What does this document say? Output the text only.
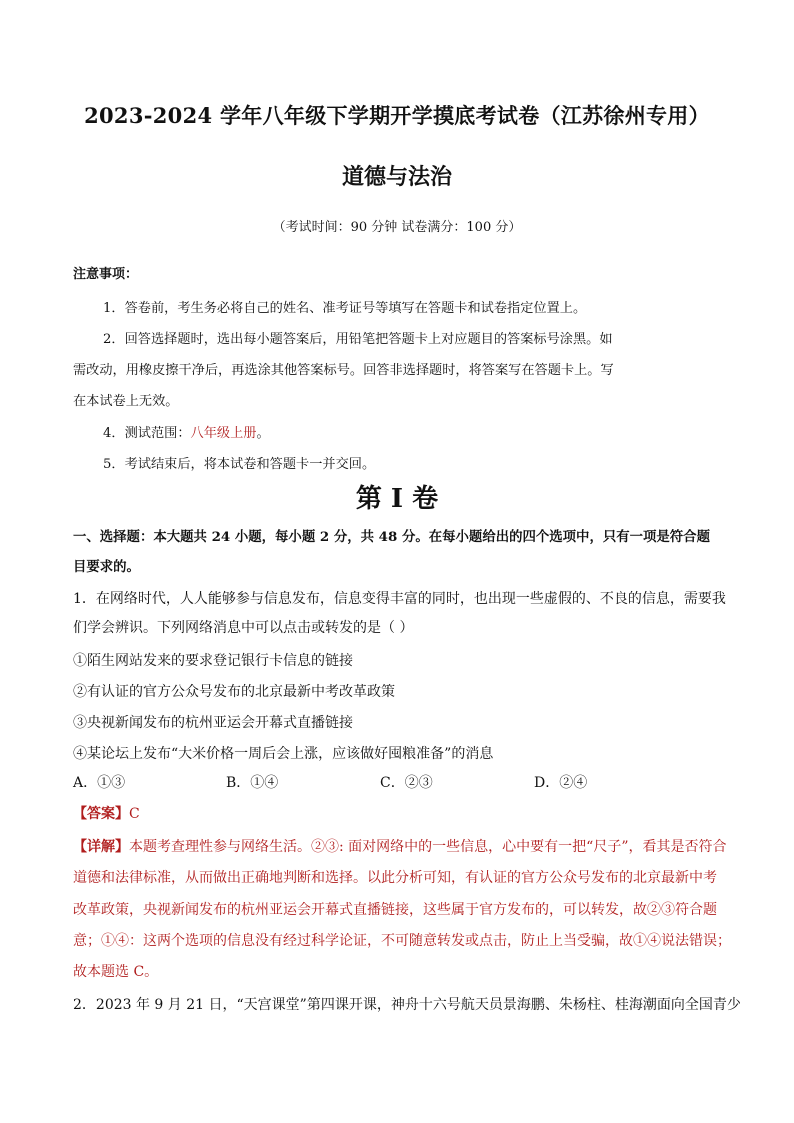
2023-2024 学年八年级下学期开学摸底考试卷（江苏徐州专用）
道德与法治
（考试时间：90 分钟 试卷满分：100 分）
注意事项：
1．答卷前，考生务必将自己的姓名、准考证号等填写在答题卡和试卷指定位置上。
2．回答选择题时，选出每小题答案后，用铅笔把答题卡上对应题目的答案标号涂黑。如
需改动，用橡皮擦干净后，再选涂其他答案标号。回答非选择题时，将答案写在答题卡上。写
在本试卷上无效。
4．测试范围：八年级上册。
5．考试结束后，将本试卷和答题卡一并交回。
第 I 卷
一、选择题：本大题共 24 小题，每小题 2 分，共 48 分。在每小题给出的四个选项中，只有一项是符合题
目要求的。
1．在网络时代，人人能够参与信息发布，信息变得丰富的同时，也出现一些虚假的、不良的信息，需要我
们学会辨识。下列网络消息中可以点击或转发的是（ ）
①陌生网站发来的要求登记银行卡信息的链接
②有认证的官方公众号发布的北京最新中考改革政策
③央视新闻发布的杭州亚运会开幕式直播链接
④某论坛上发布“大米价格一周后会上涨，应该做好囤粮准备”的消息
A．①③	B．①④	C．②③	D．②④
【答案】C
【详解】本题考查理性参与网络生活。②③: 面对网络中的一些信息，心中要有一把“尺子”，看其是否符合
道德和法律标准，从而做出正确地判断和选择。以此分析可知，有认证的官方公众号发布的北京最新中考
改革政策，央视新闻发布的杭州亚运会开幕式直播链接，这些属于官方发布的，可以转发，故②③符合题
意；①④：这两个选项的信息没有经过科学论证，不可随意转发或点击，防止上当受骗，故①④说法错误；
故本题选 C。
2．2023 年 9 月 21 日，“天宫课堂”第四课开课，神舟十六号航天员景海鹏、朱杨柱、桂海潮面向全国青少
